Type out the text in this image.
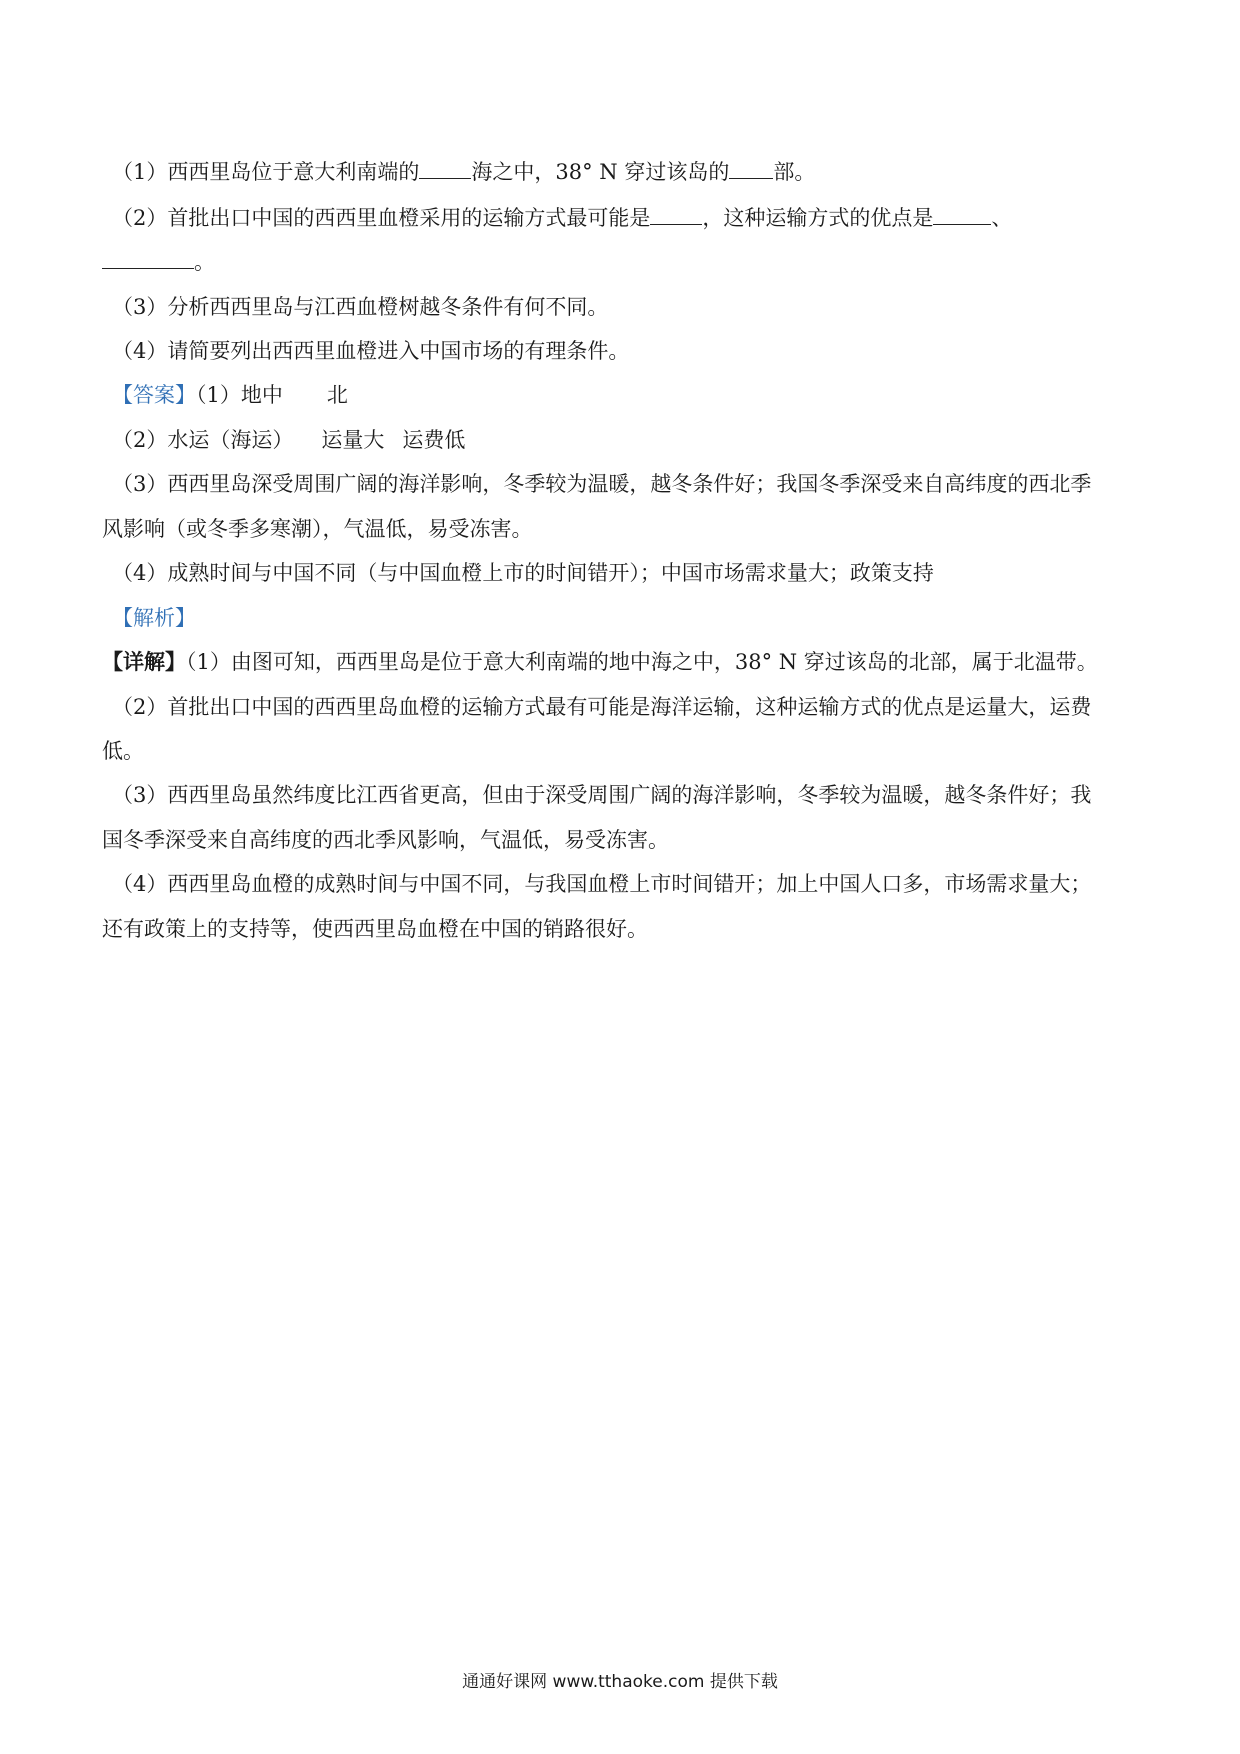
（1）西西里岛位于意大利南端的 海之中，38° N 穿过该岛的 部。
（2）首批出口中国的西西里血橙采用的运输方式最可能是 ，这种运输方式的优点是	、
。
（3）分析西西里岛与江西血橙树越冬条件有何不同。
（4）请简要列出西西里血橙进入中国市场的有理条件。
【答案】（1）地中 北
（2）水运（海运） 运量大 运费低
（3）西西里岛深受周围广阔的海洋影响，冬季较为温暖，越冬条件好；我国冬季深受来自高纬度的西北季
风影响（或冬季多寒潮），气温低，易受冻害。
（4）成熟时间与中国不同（与中国血橙上市的时间错开）；中国市场需求量大；政策支持
【解析】
【详解】（1）由图可知，西西里岛是位于意大利南端的地中海之中，38° N 穿过该岛的北部，属于北温带。
（2）首批出口中国的西西里岛血橙的运输方式最有可能是海洋运输，这种运输方式的优点是运量大，运费
低。
（3）西西里岛虽然纬度比江西省更高，但由于深受周围广阔的海洋影响，冬季较为温暖，越冬条件好；我
国冬季深受来自高纬度的西北季风影响，气温低，易受冻害。
（4）西西里岛血橙的成熟时间与中国不同，与我国血橙上市时间错开；加上中国人口多，市场需求量大；
还有政策上的支持等，使西西里岛血橙在中国的销路很好。
通通好课网 www.tthaoke.com 提供下载
